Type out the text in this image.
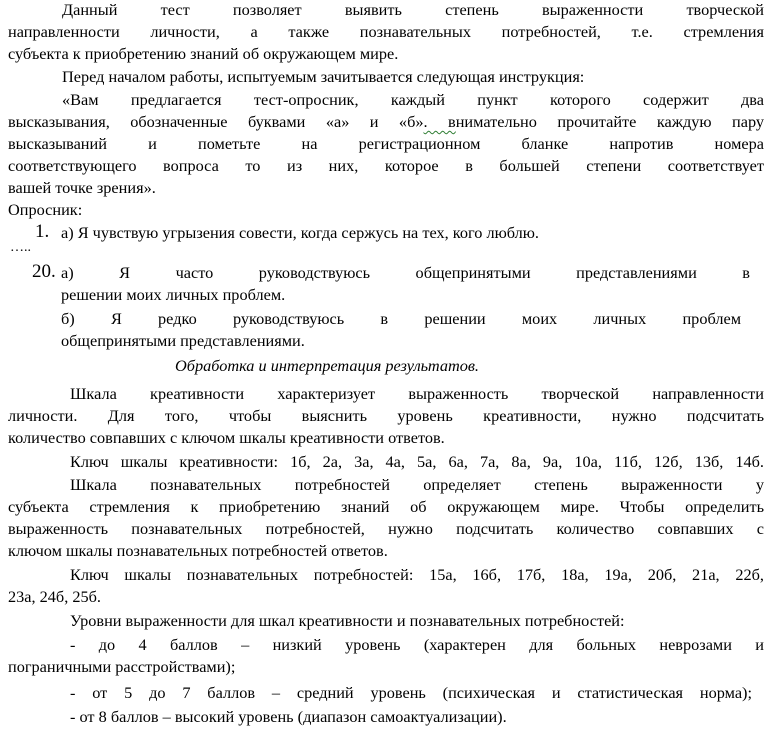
Данный тест позволяет выявить степень выраженности творческой
направленности личности, а также познавательных потребностей, т.е. стремления
субъекта к приобретению знаний об окружающем мире.
Перед началом работы, испытуемым зачитывается следующая инструкция:
«Вам предлагается тест-опросник, каждый пункт которого содержит два
высказывания, обозначенные буквами «а» и «б». внимательно прочитайте каждую пару
высказываний и пометьте на регистрационном бланке напротив номера
соответствующего вопроса то из них, которое в большей степени соответствует
вашей точке зрения».
Опросник:
1. а) Я чувствую угрызения совести, когда сержусь на тех, кого люблю.
…..
20. а) Я часто руководствуюсь общепринятыми представлениями в
решении моих личных проблем.
б) Я редко руководствуюсь в решении моих личных проблем
общепринятыми представлениями.
Обработка и интерпретация результатов.
Шкала креативности характеризует выраженность творческой направленности
личности. Для того, чтобы выяснить уровень креативности, нужно подсчитать
количество совпавших с ключом шкалы креативности ответов.
Ключ шкалы креативности: 1б, 2а, 3а, 4а, 5а, 6а, 7а, 8а, 9а, 10а, 11б, 12б, 13б, 14б.
Шкала познавательных потребностей определяет степень выраженности у
субъекта стремления к приобретению знаний об окружающем мире. Чтобы определить
выраженность познавательных потребностей, нужно подсчитать количество совпавших с
ключом шкалы познавательных потребностей ответов.
Ключ шкалы познавательных потребностей: 15а, 16б, 17б, 18а, 19а, 20б, 21а, 22б,
23а, 24б, 25б.
Уровни выраженности для шкал креативности и познавательных потребностей:
- до 4 баллов – низкий уровень (характерен для больных неврозами и
пограничными расстройствами);
- от 5 до 7 баллов – средний уровень (психическая и статистическая норма);
- от 8 баллов – высокий уровень (диапазон самоактуализации).
